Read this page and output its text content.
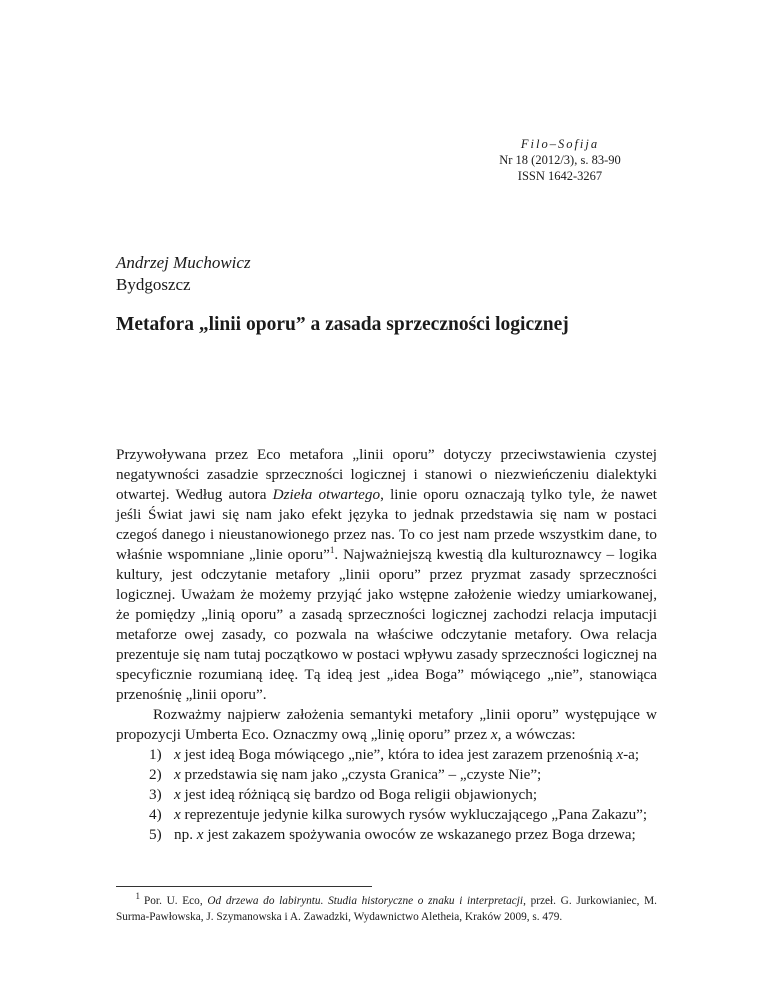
Filo–Sofija
Nr 18 (2012/3), s. 83-90
ISSN 1642-3267
Andrzej Muchowicz
Bydgoszcz
Metafora „linii oporu” a zasada sprzeczności logicznej

Przywoływana przez Eco metafora „linii oporu” dotyczy przeciwstawienia czystej negatywności zasadzie sprzeczności logicznej i stanowi o niezwieńczeniu dialektyki otwartej. Według autora Dzieła otwartego, linie oporu oznaczają tylko tyle, że nawet jeśli Świat jawi się nam jako efekt języka to jednak przedstawia się nam w postaci czegoś danego i nieustanowionego przez nas. To co jest nam przede wszystkim dane, to właśnie wspomniane „linie oporu”$^1$. Najważniejszą kwestią dla kulturoznawcy – logika kultury, jest odczytanie metafory „linii oporu” przez pryzmat zasady sprzeczności logicznej. Uważam że możemy przyjąć jako wstępne założenie wiedzy umiarkowanej, że pomiędzy „linią oporu” a zasadą sprzeczności logicznej zachodzi relacja imputacji metaforze owej zasady, co pozwala na właściwe odczytanie metafory. Owa relacja prezentuje się nam tutaj początkowo w postaci wpływu zasady sprzeczności logicznej na specyficznie rozumianą ideę. Tą ideą jest „idea Boga” mówiącego „nie”, stanowiąca przenośnię „linii oporu”.

Rozważmy najpierw założenia semantyki metafory „linii oporu” występujące w propozycji Umberta Eco. Oznaczmy ową „linię oporu” przez x, a wówczas:

1) x jest ideą Boga mówiącego „nie”, która to idea jest zarazem przenośnią x-a;
2) x przedstawia się nam jako „czysta Granica” – „czyste Nie”;
3) x jest ideą różniącą się bardzo od Boga religii objawionych;
4) x reprezentuje jedynie kilka surowych rysów wykluczającego „Pana Zakazu”;
5) np. x jest zakazem spożywania owoców ze wskazanego przez Boga drzewa;
$^1$ Por. U. Eco, Od drzewa do labiryntu. Studia historyczne o znaku i interpretacji, przeł. G. Jurkowianiec, M. Surma-Pawłowska, J. Szymanowska i A. Zawadzki, Wydawnictwo Aletheia, Kraków 2009, s. 479.
